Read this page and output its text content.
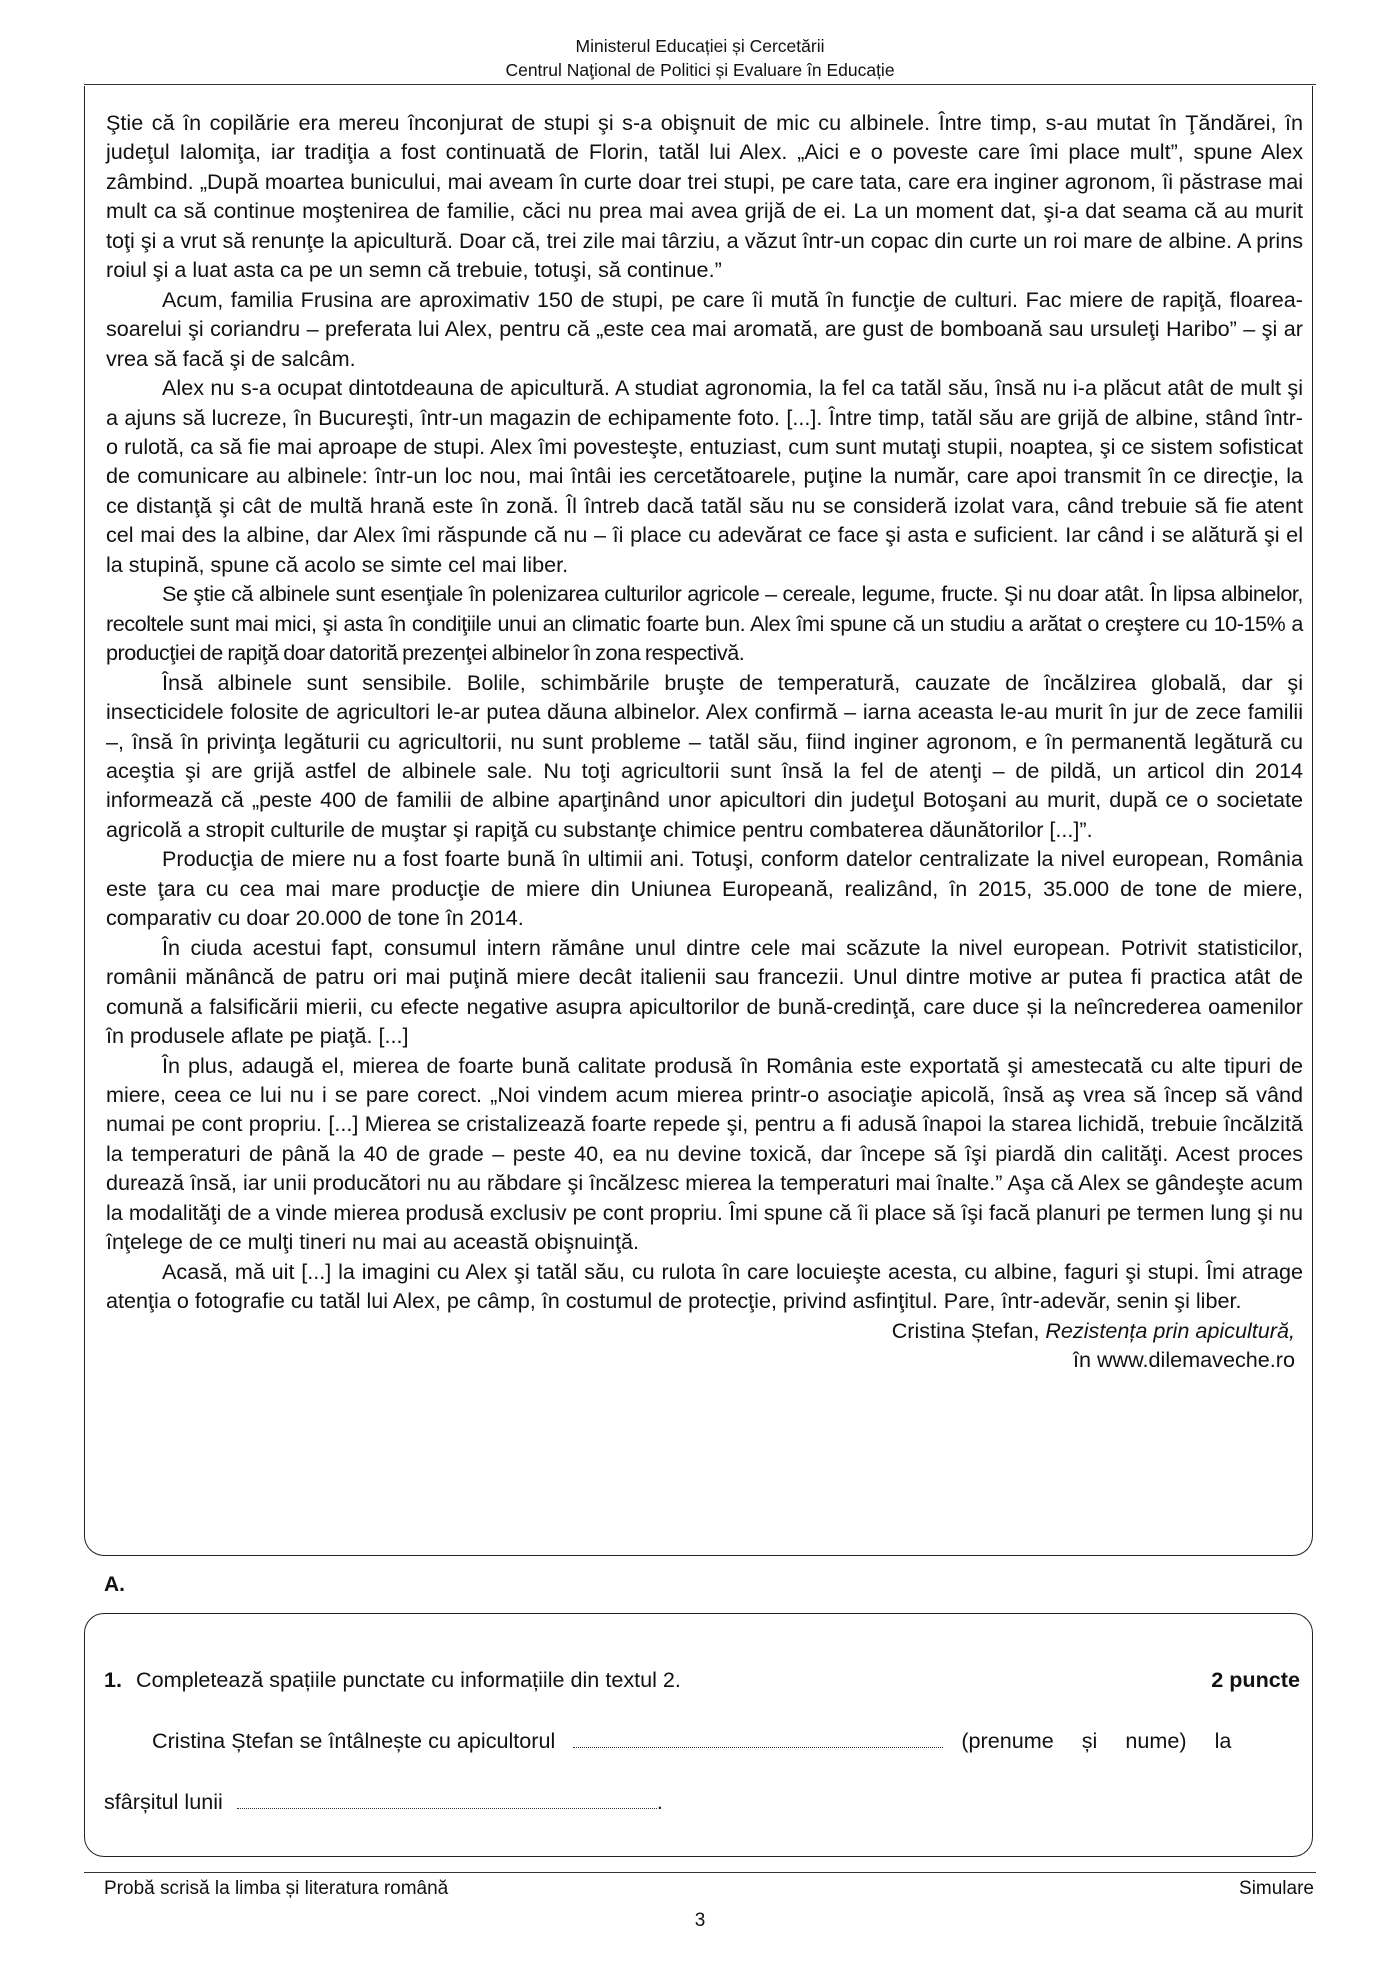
Ministerul Educației și Cercetării
Centrul Naţional de Politici și Evaluare în Educație

Ştie că în copilărie era mereu înconjurat de stupi şi s-a obişnuit de mic cu albinele. Între timp, s-au mutat în Ţăndărei, în judeţul Ialomiţa, iar tradiţia a fost continuată de Florin, tatăl lui Alex. „Aici e o poveste care îmi place mult”, spune Alex zâmbind. „După moartea bunicului, mai aveam în curte doar trei stupi, pe care tata, care era inginer agronom, îi păstrase mai mult ca să continue moştenirea de familie, căci nu prea mai avea grijă de ei. La un moment dat, şi-a dat seama că au murit toţi şi a vrut să renunţe la apicultură. Doar că, trei zile mai târziu, a văzut într-un copac din curte un roi mare de albine. A prins roiul şi a luat asta ca pe un semn că trebuie, totuşi, să continue.”

Acum, familia Frusina are aproximativ 150 de stupi, pe care îi mută în funcţie de culturi. Fac miere de rapiţă, floarea-soarelui şi coriandru – preferata lui Alex, pentru că „este cea mai aromată, are gust de bomboană sau ursuleţi Haribo” – şi ar vrea să facă şi de salcâm.

Alex nu s-a ocupat dintotdeauna de apicultură. A studiat agronomia, la fel ca tatăl său, însă nu i-a plăcut atât de mult şi a ajuns să lucreze, în Bucureşti, într-un magazin de echipamente foto. [...]. Între timp, tatăl său are grijă de albine, stând într-o rulotă, ca să fie mai aproape de stupi. Alex îmi povesteşte, entuziast, cum sunt mutaţi stupii, noaptea, şi ce sistem sofisticat de comunicare au albinele: într-un loc nou, mai întâi ies cercetătoarele, puţine la număr, care apoi transmit în ce direcţie, la ce distanţă şi cât de multă hrană este în zonă. Îl întreb dacă tatăl său nu se consideră izolat vara, când trebuie să fie atent cel mai des la albine, dar Alex îmi răspunde că nu – îi place cu adevărat ce face şi asta e suficient. Iar când i se alătură şi el la stupină, spune că acolo se simte cel mai liber.

Se ştie că albinele sunt esenţiale în polenizarea culturilor agricole – cereale, legume, fructe. Şi nu doar atât. În lipsa albinelor, recoltele sunt mai mici, şi asta în condiţiile unui an climatic foarte bun. Alex îmi spune că un studiu a arătat o creştere cu 10-15% a producţiei de rapiţă doar datorită prezenţei albinelor în zona respectivă.

Însă albinele sunt sensibile. Bolile, schimbările bruşte de temperatură, cauzate de încălzirea globală, dar şi insecticidele folosite de agricultori le-ar putea dăuna albinelor. Alex confirmă – iarna aceasta le-au murit în jur de zece familii –, însă în privinţa legăturii cu agricultorii, nu sunt probleme – tatăl său, fiind inginer agronom, e în permanentă legătură cu aceştia şi are grijă astfel de albinele sale. Nu toţi agricultorii sunt însă la fel de atenţi – de pildă, un articol din 2014 informează că „peste 400 de familii de albine aparţinând unor apicultori din judeţul Botoşani au murit, după ce o societate agricolă a stropit culturile de muştar şi rapiţă cu substanţe chimice pentru combaterea dăunătorilor [...]”.

Producţia de miere nu a fost foarte bună în ultimii ani. Totuşi, conform datelor centralizate la nivel european, România este ţara cu cea mai mare producţie de miere din Uniunea Europeană, realizând, în 2015, 35.000 de tone de miere, comparativ cu doar 20.000 de tone în 2014.

În ciuda acestui fapt, consumul intern rămâne unul dintre cele mai scăzute la nivel european. Potrivit statisticilor, românii mănâncă de patru ori mai puţină miere decât italienii sau francezii. Unul dintre motive ar putea fi practica atât de comună a falsificării mierii, cu efecte negative asupra apicultorilor de bună-credinţă, care duce și la neîncrederea oamenilor în produsele aflate pe piaţă. [...]

În plus, adaugă el, mierea de foarte bună calitate produsă în România este exportată şi amestecată cu alte tipuri de miere, ceea ce lui nu i se pare corect. „Noi vindem acum mierea printr-o asociaţie apicolă, însă aş vrea să încep să vând numai pe cont propriu. [...] Mierea se cristalizează foarte repede şi, pentru a fi adusă înapoi la starea lichidă, trebuie încălzită la temperaturi de până la 40 de grade – peste 40, ea nu devine toxică, dar începe să îşi piardă din calităţi. Acest proces durează însă, iar unii producători nu au răbdare şi încălzesc mierea la temperaturi mai înalte.” Aşa că Alex se gândeşte acum la modalităţi de a vinde mierea produsă exclusiv pe cont propriu. Îmi spune că îi place să îşi facă planuri pe termen lung şi nu înţelege de ce mulţi tineri nu mai au această obişnuinţă.

Acasă, mă uit [...] la imagini cu Alex şi tatăl său, cu rulota în care locuieşte acesta, cu albine, faguri şi stupi. Îmi atrage atenţia o fotografie cu tatăl lui Alex, pe câmp, în costumul de protecţie, privind asfinţitul. Pare, într-adevăr, senin şi liber.

Cristina Ștefan, Rezistența prin apicultură,

în www.dilemaveche.ro

A.
1. Completează spațiile punctate cu informațiile din textul 2.	2 puncte
Cristina Ștefan se întâlnește cu apicultorul	(prenume și nume) la
sfârșitul lunii	.
Probă scrisă la limba și literatura română	Simulare
3
